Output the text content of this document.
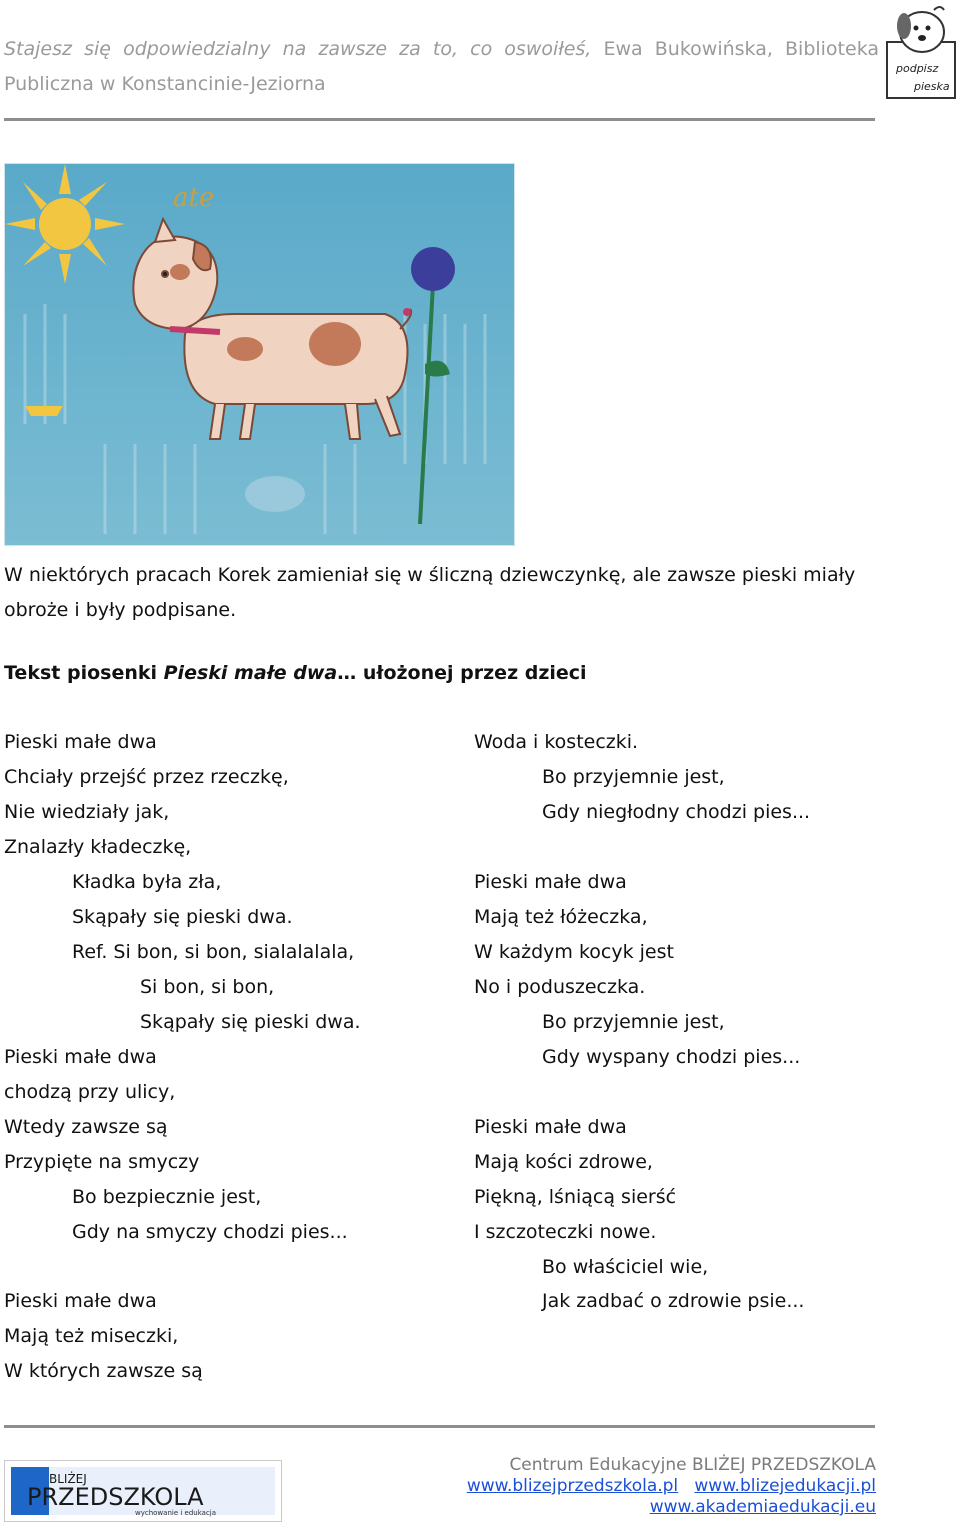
Stajesz się odpowiedzialny na zawsze za to, co oswoiłeś, Ewa Bukowińska, Biblioteka Publiczna w Konstancinie-Jeziorna
podpisz
pieska
ate
W niektórych pracach Korek zamieniał się w śliczną dziewczynkę, ale zawsze pieski miały obroże i były podpisane.
Tekst piosenki Pieski małe dwa… ułożonej przez dzieci
Pieski małe dwa
Chciały przejść przez rzeczkę,
Nie wiedziały jak,
Znalazły kładeczkę,
Kładka była zła,
Skąpały się pieski dwa.
Ref. Si bon, si bon, sialalalala,
Si bon, si bon,
Skąpały się pieski dwa.
Pieski małe dwa
chodzą przy ulicy,
Wtedy zawsze są
Przypięte na smyczy
Bo bezpiecznie jest,
Gdy na smyczy chodzi pies...
Pieski małe dwa
Mają też miseczki,
W których zawsze są
Woda i kosteczki.
Bo przyjemnie jest,
Gdy niegłodny chodzi pies...
Pieski małe dwa
Mają też łóżeczka,
W każdym kocyk jest
No i poduszeczka.
Bo przyjemnie jest,
Gdy wyspany chodzi pies...
Pieski małe dwa
Mają kości zdrowe,
Piękną, lśniącą sierść
I szczoteczki nowe.
Bo właściciel wie,
Jak zadbać o zdrowie psie...
BLIŻEJ
PRZEDSZKOLA
wychowanie i edukacja
Centrum Edukacyjne BLIŻEJ PRZEDSZKOLA
www.blizejprzedszkola.pl www.blizejedukacji.pl
www.akademiaedukacji.eu
